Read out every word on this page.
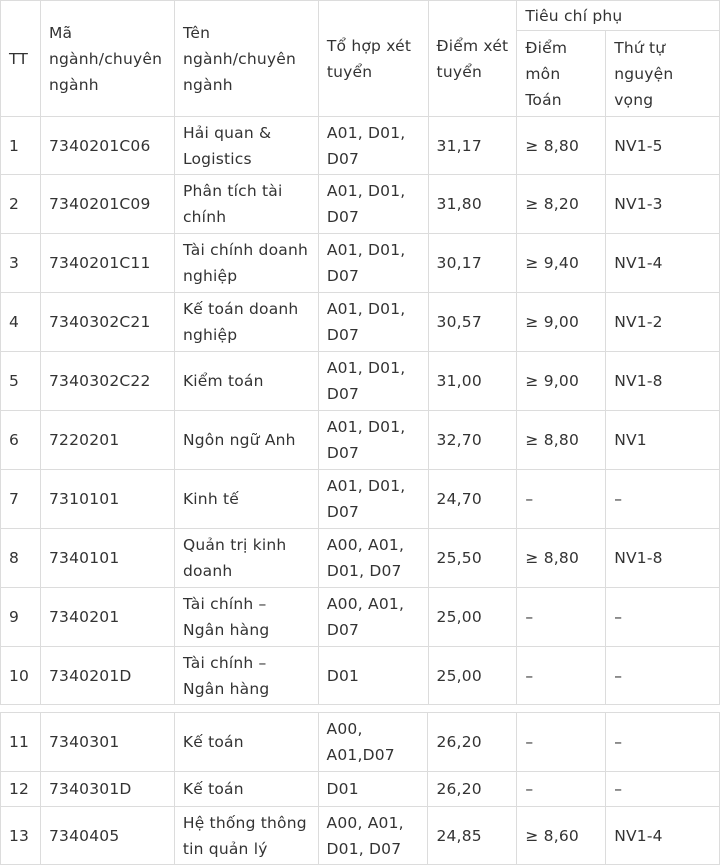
TT	Mã ngành/chuyên ngành	Tên ngành/chuyên ngành	Tổ hợp xét tuyển	Điểm xét tuyển	Tiêu chí phụ	
					Điểm môn Toán	Thứ tự nguyện vọng
1	7340201C06	Hải quan & Logistics	A01, D01, D07	31,17	≥ 8,80	NV1-5
2	7340201C09	Phân tích tài chính	A01, D01, D07	31,80	≥ 8,20	NV1-3
3	7340201C11	Tài chính doanh nghiệp	A01, D01, D07	30,17	≥ 9,40	NV1-4
4	7340302C21	Kế toán doanh nghiệp	A01, D01, D07	30,57	≥ 9,00	NV1-2
5	7340302C22	Kiểm toán	A01, D01, D07	31,00	≥ 9,00	NV1-8
6	7220201	Ngôn ngữ Anh	A01, D01, D07	32,70	≥ 8,80	NV1
7	7310101	Kinh tế	A01, D01, D07	24,70	–	–
8	7340101	Quản trị kinh doanh	A00, A01, D01, D07	25,50	≥ 8,80	NV1-8
9	7340201	Tài chính – Ngân hàng	A00, A01, D07	25,00	–	–
10	7340201D	Tài chính – Ngân hàng	D01	25,00	–	–
11	7340301	Kế toán	A00, A01,D07	26,20	–	–
12	7340301D	Kế toán	D01	26,20	–	–
13	7340405	Hệ thống thông tin quản lý	A00, A01, D01, D07	24,85	≥ 8,60	NV1-4
